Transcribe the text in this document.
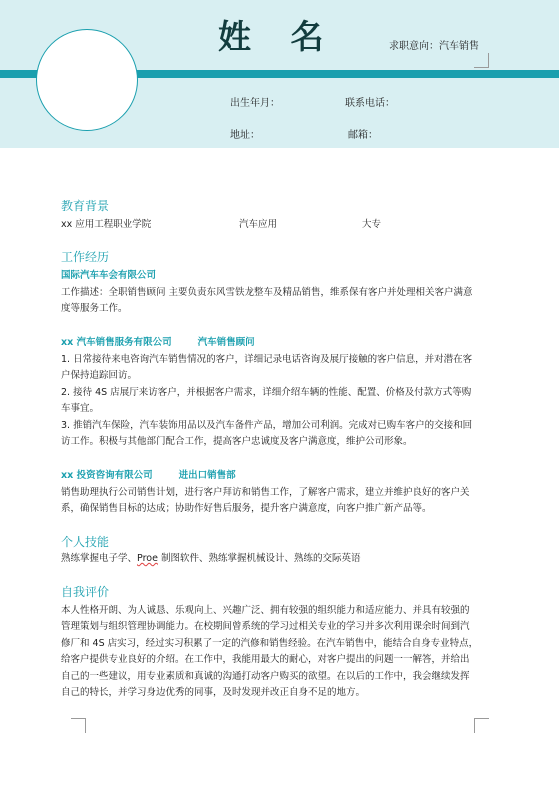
姓 名	求职意向：汽车销售
出生年月：	联系电话：
地址：	邮箱：
教育背景
xx 应用工程职业学院	汽车应用	大专
工作经历
国际汽车车会有限公司
工作描述：全职销售顾问 主要负责东风雪铁龙整车及精品销售，维系保有客户并处理相关客户满意
度等服务工作。
xx 汽车销售服务有限公司	汽车销售顾问
1. 日常接待来电咨询汽车销售情况的客户，详细记录电话咨询及展厅接触的客户信息，并对潜在客
户保持追踪回访。
2. 接待 4S 店展厅来访客户，并根据客户需求，详细介绍车辆的性能、配置、价格及付款方式等购
车事宜。
3. 推销汽车保险，汽车装饰用品以及汽车备件产品，增加公司利润。完成对已购车客户的交接和回
访工作。积极与其他部门配合工作，提高客户忠诚度及客户满意度，维护公司形象。
xx 投资咨询有限公司	进出口销售部
销售助理执行公司销售计划，进行客户拜访和销售工作，了解客户需求，建立并维护良好的客户关
系，确保销售目标的达成；协助作好售后服务，提升客户满意度，向客户推广新产品等。
个人技能
熟练掌握电子学、Proe 制图软件、熟练掌握机械设计、熟练的交际英语
自我评价
本人性格开朗、为人诚恳、乐观向上、兴趣广泛、拥有较强的组织能力和适应能力、并具有较强的
管理策划与组织管理协调能力。在校期间曾系统的学习过相关专业的学习并多次利用课余时间到汽
修厂和 4S 店实习，经过实习积累了一定的汽修和销售经验。在汽车销售中，能结合自身专业特点，
给客户提供专业良好的介绍。在工作中，我能用最大的耐心，对客户提出的问题一一解答，并给出
自己的一些建议，用专业素质和真诚的沟通打动客户购买的欲望。在以后的工作中，我会继续发挥
自己的特长，并学习身边优秀的同事，及时发现并改正自身不足的地方。
